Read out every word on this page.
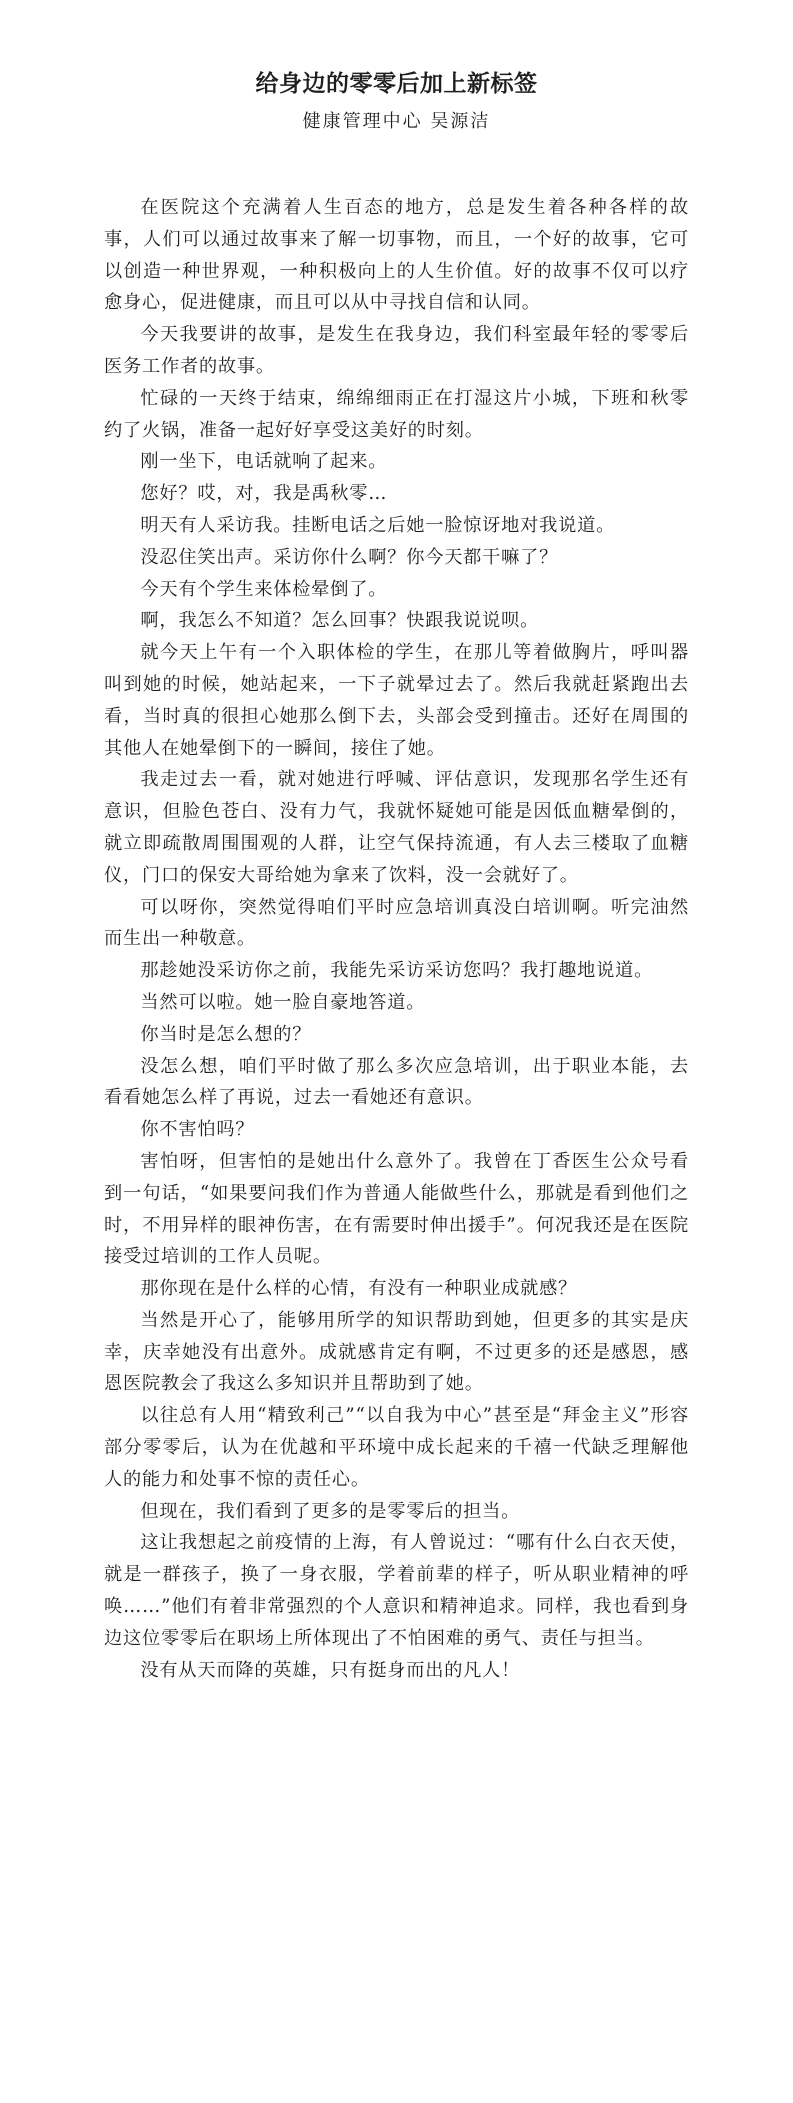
给身边的零零后加上新标签
健康管理中心 吴源洁

在医院这个充满着人生百态的地方，总是发生着各种各样的故事，人们可以通过故事来了解一切事物，而且，一个好的故事，它可以创造一种世界观，一种积极向上的人生价值。好的故事不仅可以疗愈身心，促进健康，而且可以从中寻找自信和认同。

今天我要讲的故事，是发生在我身边，我们科室最年轻的零零后医务工作者的故事。

忙碌的一天终于结束，绵绵细雨正在打湿这片小城，下班和秋零约了火锅，准备一起好好享受这美好的时刻。

刚一坐下，电话就响了起来。

您好？哎，对，我是禹秋零…

明天有人采访我。挂断电话之后她一脸惊讶地对我说道。

没忍住笑出声。采访你什么啊？你今天都干嘛了？

今天有个学生来体检晕倒了。

啊，我怎么不知道？怎么回事？快跟我说说呗。

就今天上午有一个入职体检的学生，在那儿等着做胸片，呼叫器叫到她的时候，她站起来，一下子就晕过去了。然后我就赶紧跑出去看，当时真的很担心她那么倒下去，头部会受到撞击。还好在周围的其他人在她晕倒下的一瞬间，接住了她。

我走过去一看，就对她进行呼喊、评估意识，发现那名学生还有意识，但脸色苍白、没有力气，我就怀疑她可能是因低血糖晕倒的，就立即疏散周围围观的人群，让空气保持流通，有人去三楼取了血糖仪，门口的保安大哥给她为拿来了饮料，没一会就好了。

可以呀你，突然觉得咱们平时应急培训真没白培训啊。听完油然而生出一种敬意。

那趁她没采访你之前，我能先采访采访您吗？我打趣地说道。

当然可以啦。她一脸自豪地答道。

你当时是怎么想的？

没怎么想，咱们平时做了那么多次应急培训，出于职业本能，去看看她怎么样了再说，过去一看她还有意识。

你不害怕吗？

害怕呀，但害怕的是她出什么意外了。我曾在丁香医生公众号看到一句话，“如果要问我们作为普通人能做些什么，那就是看到他们之时，不用异样的眼神伤害，在有需要时伸出援手”。何况我还是在医院接受过培训的工作人员呢。

那你现在是什么样的心情，有没有一种职业成就感？

当然是开心了，能够用所学的知识帮助到她，但更多的其实是庆幸，庆幸她没有出意外。成就感肯定有啊，不过更多的还是感恩，感恩医院教会了我这么多知识并且帮助到了她。

以往总有人用“精致利己”“以自我为中心”甚至是“拜金主义”形容部分零零后，认为在优越和平环境中成长起来的千禧一代缺乏理解他人的能力和处事不惊的责任心。

但现在，我们看到了更多的是零零后的担当。

这让我想起之前疫情的上海，有人曾说过：“哪有什么白衣天使，就是一群孩子，换了一身衣服，学着前辈的样子，听从职业精神的呼唤……”他们有着非常强烈的个人意识和精神追求。同样，我也看到身边这位零零后在职场上所体现出了不怕困难的勇气、责任与担当。

没有从天而降的英雄，只有挺身而出的凡人！
